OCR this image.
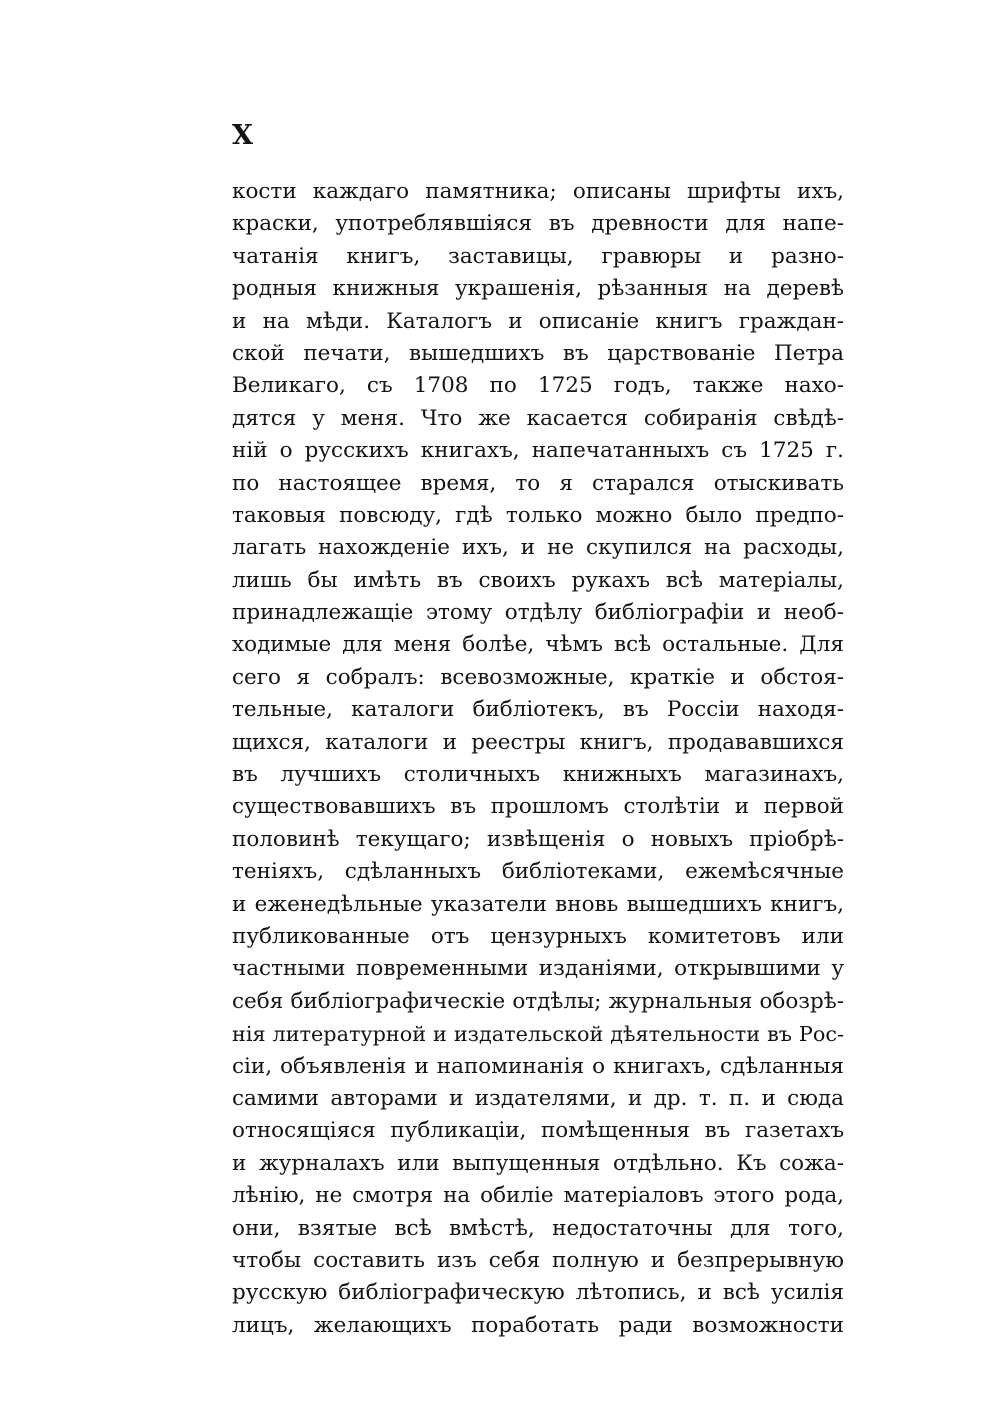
X
кости каждаго памятника; описаны шрифты ихъ,
краски, употреблявшіяся въ древности для напе-
чатанія книгъ, заставицы, гравюры и разно-
родныя книжныя украшенія, рѣзанныя на деревѣ
и на мѣди. Каталогъ и описаніе книгъ граждан-
ской печати, вышедшихъ въ царствованіе Петра
Великаго, съ 1708 по 1725 годъ, также нахо-
дятся у меня. Что же касается собиранія свѣдѣ-
ній о русскихъ книгахъ, напечатанныхъ съ 1725 г.
по настоящее время, то я старался отыскивать
таковыя повсюду, гдѣ только можно было предпо-
лагать нахожденіе ихъ, и не скупился на расходы,
лишь бы имѣть въ своихъ рукахъ всѣ матеріалы,
принадлежащіе этому отдѣлу библіографіи и необ-
ходимые для меня болѣе, чѣмъ всѣ остальные. Для
сего я собралъ: всевозможные, краткіе и обстоя-
тельные, каталоги библіотекъ, въ Россіи находя-
щихся, каталоги и реестры книгъ, продававшихся
въ лучшихъ столичныхъ книжныхъ магазинахъ,
существовавшихъ въ прошломъ столѣтіи и первой
половинѣ текущаго; извѣщенія о новыхъ пріобрѣ-
теніяхъ, сдѣланныхъ библіотеками, ежемѣсячные
и еженедѣльные указатели вновь вышедшихъ книгъ,
публикованные отъ цензурныхъ комитетовъ или
частными повременными изданіями, открывшими у
себя библіографическіе отдѣлы; журнальныя обозрѣ-
нія литературной и издательской дѣятельности въ Рос-
сіи, объявленія и напоминанія о книгахъ, сдѣланныя
самими авторами и издателями, и др. т. п. и сюда
относящіяся публикаціи, помѣщенныя въ газетахъ
и журналахъ или выпущенныя отдѣльно. Къ сожа-
лѣнію, не смотря на обиліе матеріаловъ этого рода,
они, взятые всѣ вмѣстѣ, недостаточны для того,
чтобы составить изъ себя полную и безпрерывную
русскую библіографическую лѣтопись, и всѣ усилія
лицъ, желающихъ поработать ради возможности
